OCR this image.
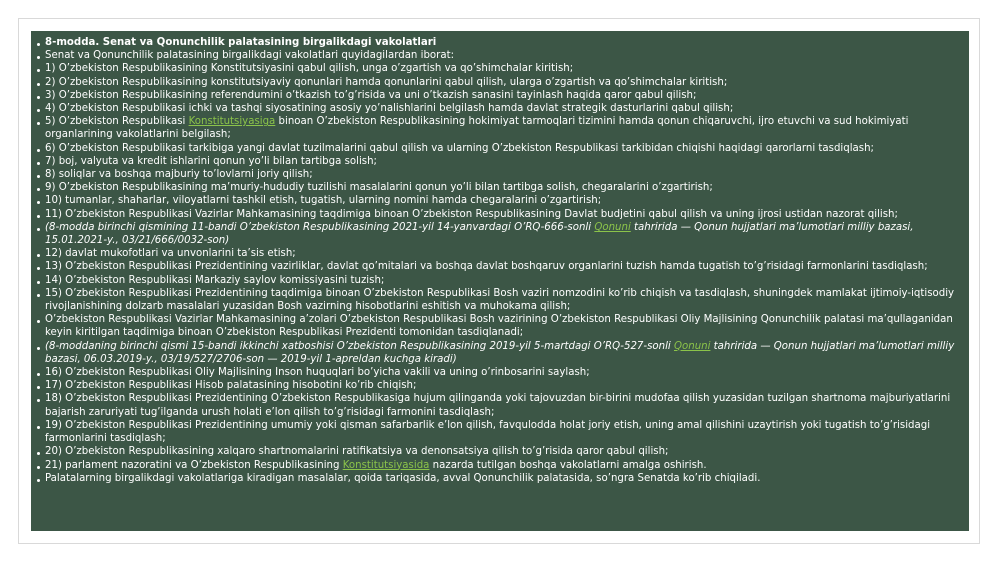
8-modda. Senat va Qonunchilik palatasining birgalikdagi vakolatlari

Senat va Qonunchilik palatasining birgalikdagi vakolatlari quyidagilardan iborat:

1) O’zbekiston Respublikasining Konstitutsiyasini qabul qilish, unga o’zgartish va qo’shimchalar kiritish;

2) O’zbekiston Respublikasining konstitutsiyaviy qonunlari hamda qonunlarini qabul qilish, ularga o’zgartish va qo’shimchalar kiritish;

3) O’zbekiston Respublikasining referendumini o’tkazish to’g’risida va uni o’tkazish sanasini tayinlash haqida qaror qabul qilish;

4) O’zbekiston Respublikasi ichki va tashqi siyosatining asosiy yo’nalishlarini belgilash hamda davlat strategik dasturlarini qabul qilish;

5) O’zbekiston Respublikasi Konstitutsiyasiga binoan O’zbekiston Respublikasining hokimiyat tarmoqlari tizimini hamda qonun chiqaruvchi, ijro etuvchi va sud hokimiyati organlarining vakolatlarini belgilash;

6) O’zbekiston Respublikasi tarkibiga yangi davlat tuzilmalarini qabul qilish va ularning O’zbekiston Respublikasi tarkibidan chiqishi haqidagi qarorlarni tasdiqlash;

7) boj, valyuta va kredit ishlarini qonun yo’li bilan tartibga solish;

8) soliqlar va boshqa majburiy to’lovlarni joriy qilish;

9) O’zbekiston Respublikasining ma’muriy-hududiy tuzilishi masalalarini qonun yo’li bilan tartibga solish, chegaralarini o’zgartirish;

10) tumanlar, shaharlar, viloyatlarni tashkil etish, tugatish, ularning nomini hamda chegaralarini o’zgartirish;

11) O’zbekiston Respublikasi Vazirlar Mahkamasining taqdimiga binoan O’zbekiston Respublikasining Davlat budjetini qabul qilish va uning ijrosi ustidan nazorat qilish;

(8-modda birinchi qismining 11-bandi O’zbekiston Respublikasining 2021-yil 14-yanvardagi O’RQ-666-sonli Qonuni tahririda — Qonun hujjatlari ma’lumotlari milliy bazasi, 15.01.2021-y., 03/21/666/0032-son)

12) davlat mukofotlari va unvonlarini ta’sis etish;

13) O’zbekiston Respublikasi Prezidentining vazirliklar, davlat qo’mitalari va boshqa davlat boshqaruv organlarini tuzish hamda tugatish to’g’risidagi farmonlarini tasdiqlash;

14) O’zbekiston Respublikasi Markaziy saylov komissiyasini tuzish;

15) O’zbekiston Respublikasi Prezidentining taqdimiga binoan O’zbekiston Respublikasi Bosh vaziri nomzodini ko’rib chiqish va tasdiqlash, shuningdek mamlakat ijtimoiy-iqtisodiy rivojlanishining dolzarb masalalari yuzasidan Bosh vazirning hisobotlarini eshitish va muhokama qilish;

O’zbekiston Respublikasi Vazirlar Mahkamasining a’zolari O’zbekiston Respublikasi Bosh vazirining O’zbekiston Respublikasi Oliy Majlisining Qonunchilik palatasi ma’qullaganidan keyin kiritilgan taqdimiga binoan O’zbekiston Respublikasi Prezidenti tomonidan tasdiqlanadi;

(8-moddaning birinchi qismi 15-bandi ikkinchi xatboshisi O’zbekiston Respublikasining 2019-yil 5-martdagi O’RQ-527-sonli Qonuni tahririda — Qonun hujjatlari ma’lumotlari milliy bazasi, 06.03.2019-y., 03/19/527/2706-son — 2019-yil 1-apreldan kuchga kiradi)

16) O’zbekiston Respublikasi Oliy Majlisining Inson huquqlari bo’yicha vakili va uning o’rinbosarini saylash;

17) O’zbekiston Respublikasi Hisob palatasining hisobotini ko’rib chiqish;

18) O’zbekiston Respublikasi Prezidentining O’zbekiston Respublikasiga hujum qilinganda yoki tajovuzdan bir-birini mudofaa qilish yuzasidan tuzilgan shartnoma majburiyatlarini bajarish zaruriyati tug’ilganda urush holati e’lon qilish to’g’risidagi farmonini tasdiqlash;

19) O’zbekiston Respublikasi Prezidentining umumiy yoki qisman safarbarlik e’lon qilish, favqulodda holat joriy etish, uning amal qilishini uzaytirish yoki tugatish to’g’risidagi farmonlarini tasdiqlash;

20) O’zbekiston Respublikasining xalqaro shartnomalarini ratifikatsiya va denonsatsiya qilish to’g’risida qaror qabul qilish;

21) parlament nazoratini va O’zbekiston Respublikasining Konstitutsiyasida nazarda tutilgan boshqa vakolatlarni amalga oshirish.

Palatalarning birgalikdagi vakolatlariga kiradigan masalalar, qoida tariqasida, avval Qonunchilik palatasida, so’ngra Senatda ko’rib chiqiladi.
